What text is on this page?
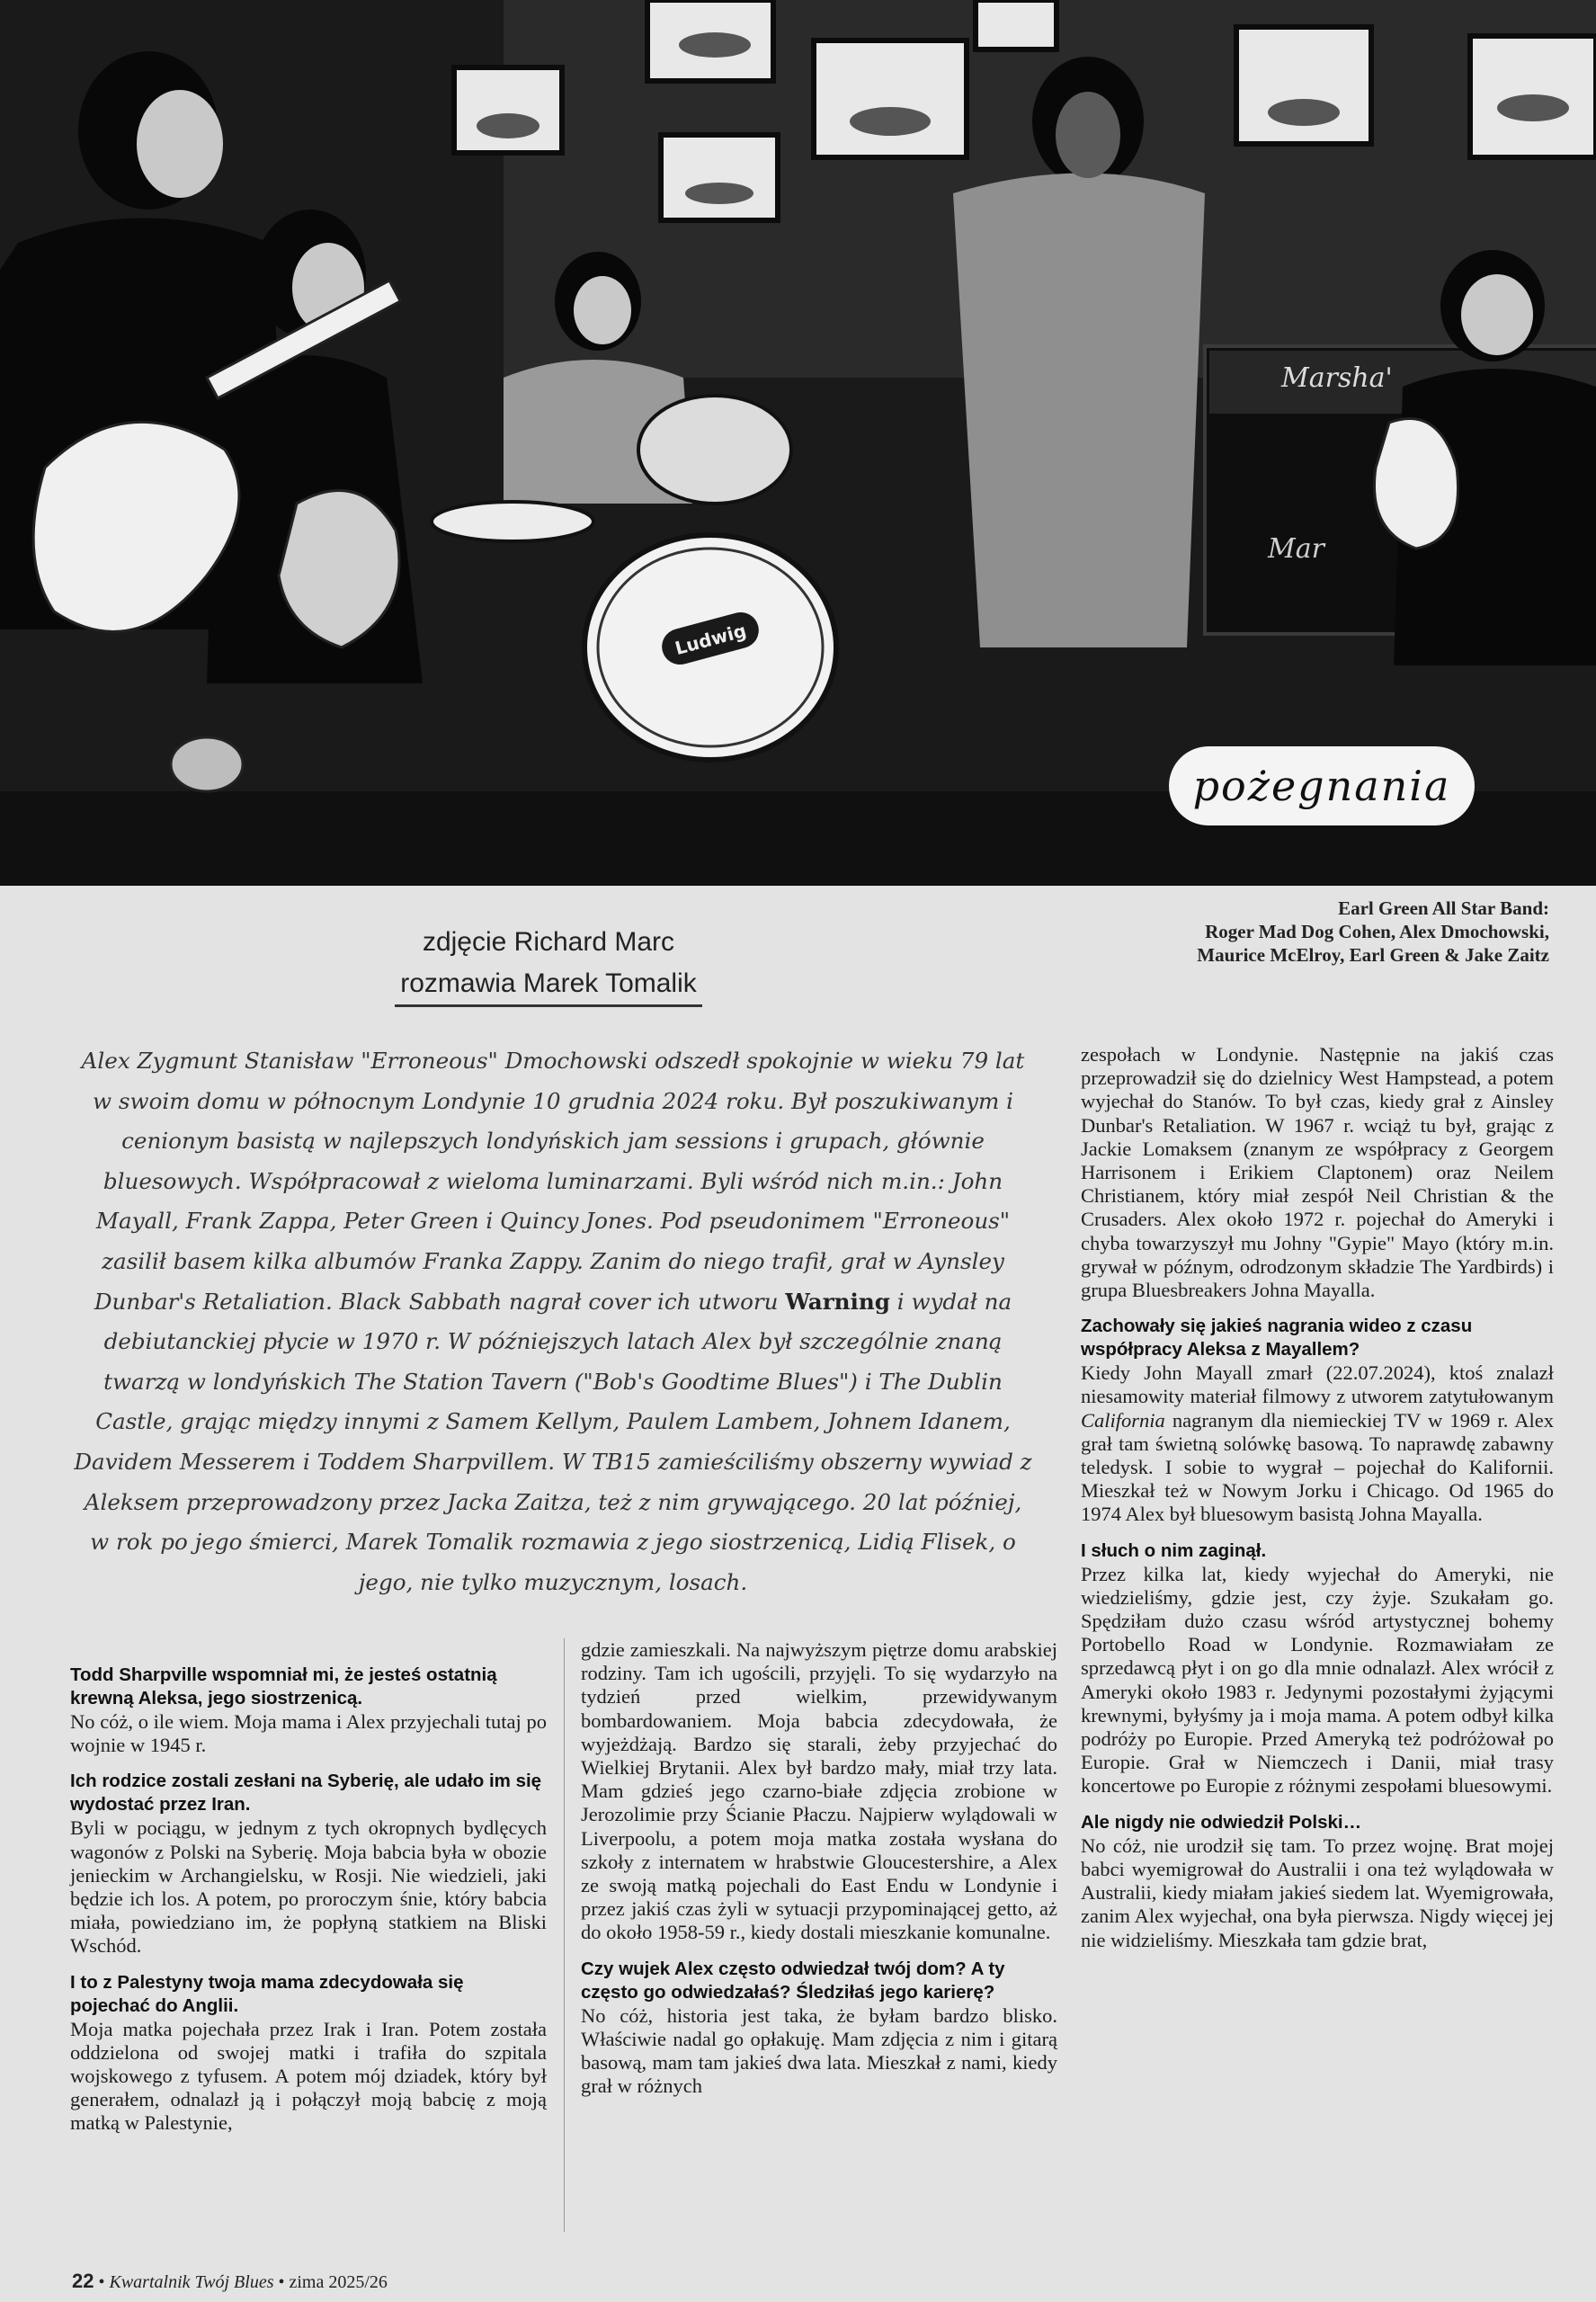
Marsha'
Mar
Ludwig
pożegnania
zdjęcie Richard Marc
rozmawia Marek Tomalik
Earl Green All Star Band:
Roger Mad Dog Cohen, Alex Dmochowski,
Maurice McElroy, Earl Green & Jake Zaitz
Alex Zygmunt Stanisław "Erroneous" Dmochowski odszedł spokojnie w wieku 79 lat w swoim domu w północnym Londynie 10 grudnia 2024 roku. Był poszukiwanym i cenionym basistą w najlepszych londyńskich jam sessions i grupach, głównie bluesowych. Współpracował z wieloma luminarzami. Byli wśród nich m.in.: John Mayall, Frank Zappa, Peter Green i Quincy Jones. Pod pseudonimem "Erroneous" zasilił basem kilka albumów Franka Zappy. Zanim do niego trafił, grał w Aynsley Dunbar's Retaliation. Black Sabbath nagrał cover ich utworu Warning i wydał na debiutanckiej płycie w 1970 r. W późniejszych latach Alex był szczególnie znaną twarzą w londyńskich The Station Tavern ("Bob's Goodtime Blues") i The Dublin Castle, grając między innymi z Samem Kellym, Paulem Lambem, Johnem Idanem, Davidem Messerem i Toddem Sharpvillem. W TB15 zamieściliśmy obszerny wywiad z Aleksem przeprowadzony przez Jacka Zaitza, też z nim grywającego. 20 lat później, w rok po jego śmierci, Marek Tomalik rozmawia z jego siostrzenicą, Lidią Flisek, o jego, nie tylko muzycznym, losach.
Todd Sharpville wspomniał mi, że jesteś ostatnią krewną Aleksa, jego siostrzenicą.
No cóż, o ile wiem. Moja mama i Alex przyjechali tutaj po wojnie w 1945 r.
Ich rodzice zostali zesłani na Syberię, ale udało im się wydostać przez Iran.
Byli w pociągu, w jednym z tych okropnych bydlęcych wagonów z Polski na Syberię. Moja babcia była w obozie jenieckim w Archangielsku, w Rosji. Nie wiedzieli, jaki będzie ich los. A potem, po proroczym śnie, który babcia miała, powiedziano im, że popłyną statkiem na Bliski Wschód.
I to z Palestyny twoja mama zdecydowała się pojechać do Anglii.
Moja matka pojechała przez Irak i Iran. Potem została oddzielona od swojej matki i trafiła do szpitala wojskowego z tyfusem. A potem mój dziadek, który był generałem, odnalazł ją i połączył moją babcię z moją matką w Palestynie,
gdzie zamieszkali. Na najwyższym piętrze domu arabskiej rodziny. Tam ich ugościli, przyjęli. To się wydarzyło na tydzień przed wielkim, przewidywanym bombardowaniem. Moja babcia zdecydowała, że wyjeżdżają. Bardzo się starali, żeby przyjechać do Wielkiej Brytanii. Alex był bardzo mały, miał trzy lata. Mam gdzieś jego czarno-białe zdjęcia zrobione w Jerozolimie przy Ścianie Płaczu. Najpierw wylądowali w Liverpoolu, a potem moja matka została wysłana do szkoły z internatem w hrabstwie Gloucestershire, a Alex ze swoją matką pojechali do East Endu w Londynie i przez jakiś czas żyli w sytuacji przypominającej getto, aż do około 1958-59 r., kiedy dostali mieszkanie komunalne.
Czy wujek Alex często odwiedzał twój dom? A ty często go odwiedzałaś? Śledziłaś jego karierę?
No cóż, historia jest taka, że byłam bardzo blisko. Właściwie nadal go opłakuję. Mam zdjęcia z nim i gitarą basową, mam tam jakieś dwa lata. Mieszkał z nami, kiedy grał w różnych
zespołach w Londynie. Następnie na jakiś czas przeprowadził się do dzielnicy West Hampstead, a potem wyjechał do Stanów. To był czas, kiedy grał z Ainsley Dunbar's Retaliation. W 1967 r. wciąż tu był, grając z Jackie Lomaksem (znanym ze współpracy z Georgem Harrisonem i Erikiem Claptonem) oraz Neilem Christianem, który miał zespół Neil Christian & the Crusaders. Alex około 1972 r. pojechał do Ameryki i chyba towarzyszył mu Johny "Gypie" Mayo (który m.in. grywał w późnym, odrodzonym składzie The Yardbirds) i grupa Bluesbreakers Johna Mayalla.
Zachowały się jakieś nagrania wideo z czasu współpracy Aleksa z Mayallem?
Kiedy John Mayall zmarł (22.07.2024), ktoś znalazł niesamowity materiał filmowy z utworem zatytułowanym California nagranym dla niemieckiej TV w 1969 r. Alex grał tam świetną solówkę basową. To naprawdę zabawny teledysk. I sobie to wygrał – pojechał do Kalifornii. Mieszkał też w Nowym Jorku i Chicago. Od 1965 do 1974 Alex był bluesowym basistą Johna Mayalla.
I słuch o nim zaginął.
Przez kilka lat, kiedy wyjechał do Ameryki, nie wiedzieliśmy, gdzie jest, czy żyje. Szukałam go. Spędziłam dużo czasu wśród artystycznej bohemy Portobello Road w Londynie. Rozmawiałam ze sprzedawcą płyt i on go dla mnie odnalazł. Alex wrócił z Ameryki około 1983 r. Jedynymi pozostałymi żyjącymi krewnymi, byłyśmy ja i moja mama. A potem odbył kilka podróży po Europie. Przed Ameryką też podróżował po Europie. Grał w Niemczech i Danii, miał trasy koncertowe po Europie z różnymi zespołami bluesowymi.
Ale nigdy nie odwiedził Polski…
No cóż, nie urodził się tam. To przez wojnę. Brat mojej babci wyemigrował do Australii i ona też wylądowała w Australii, kiedy miałam jakieś siedem lat. Wyemigrowała, zanim Alex wyjechał, ona była pierwsza. Nigdy więcej jej nie widzieliśmy. Mieszkała tam gdzie brat,
22 • Kwartalnik Twój Blues • zima 2025/26
